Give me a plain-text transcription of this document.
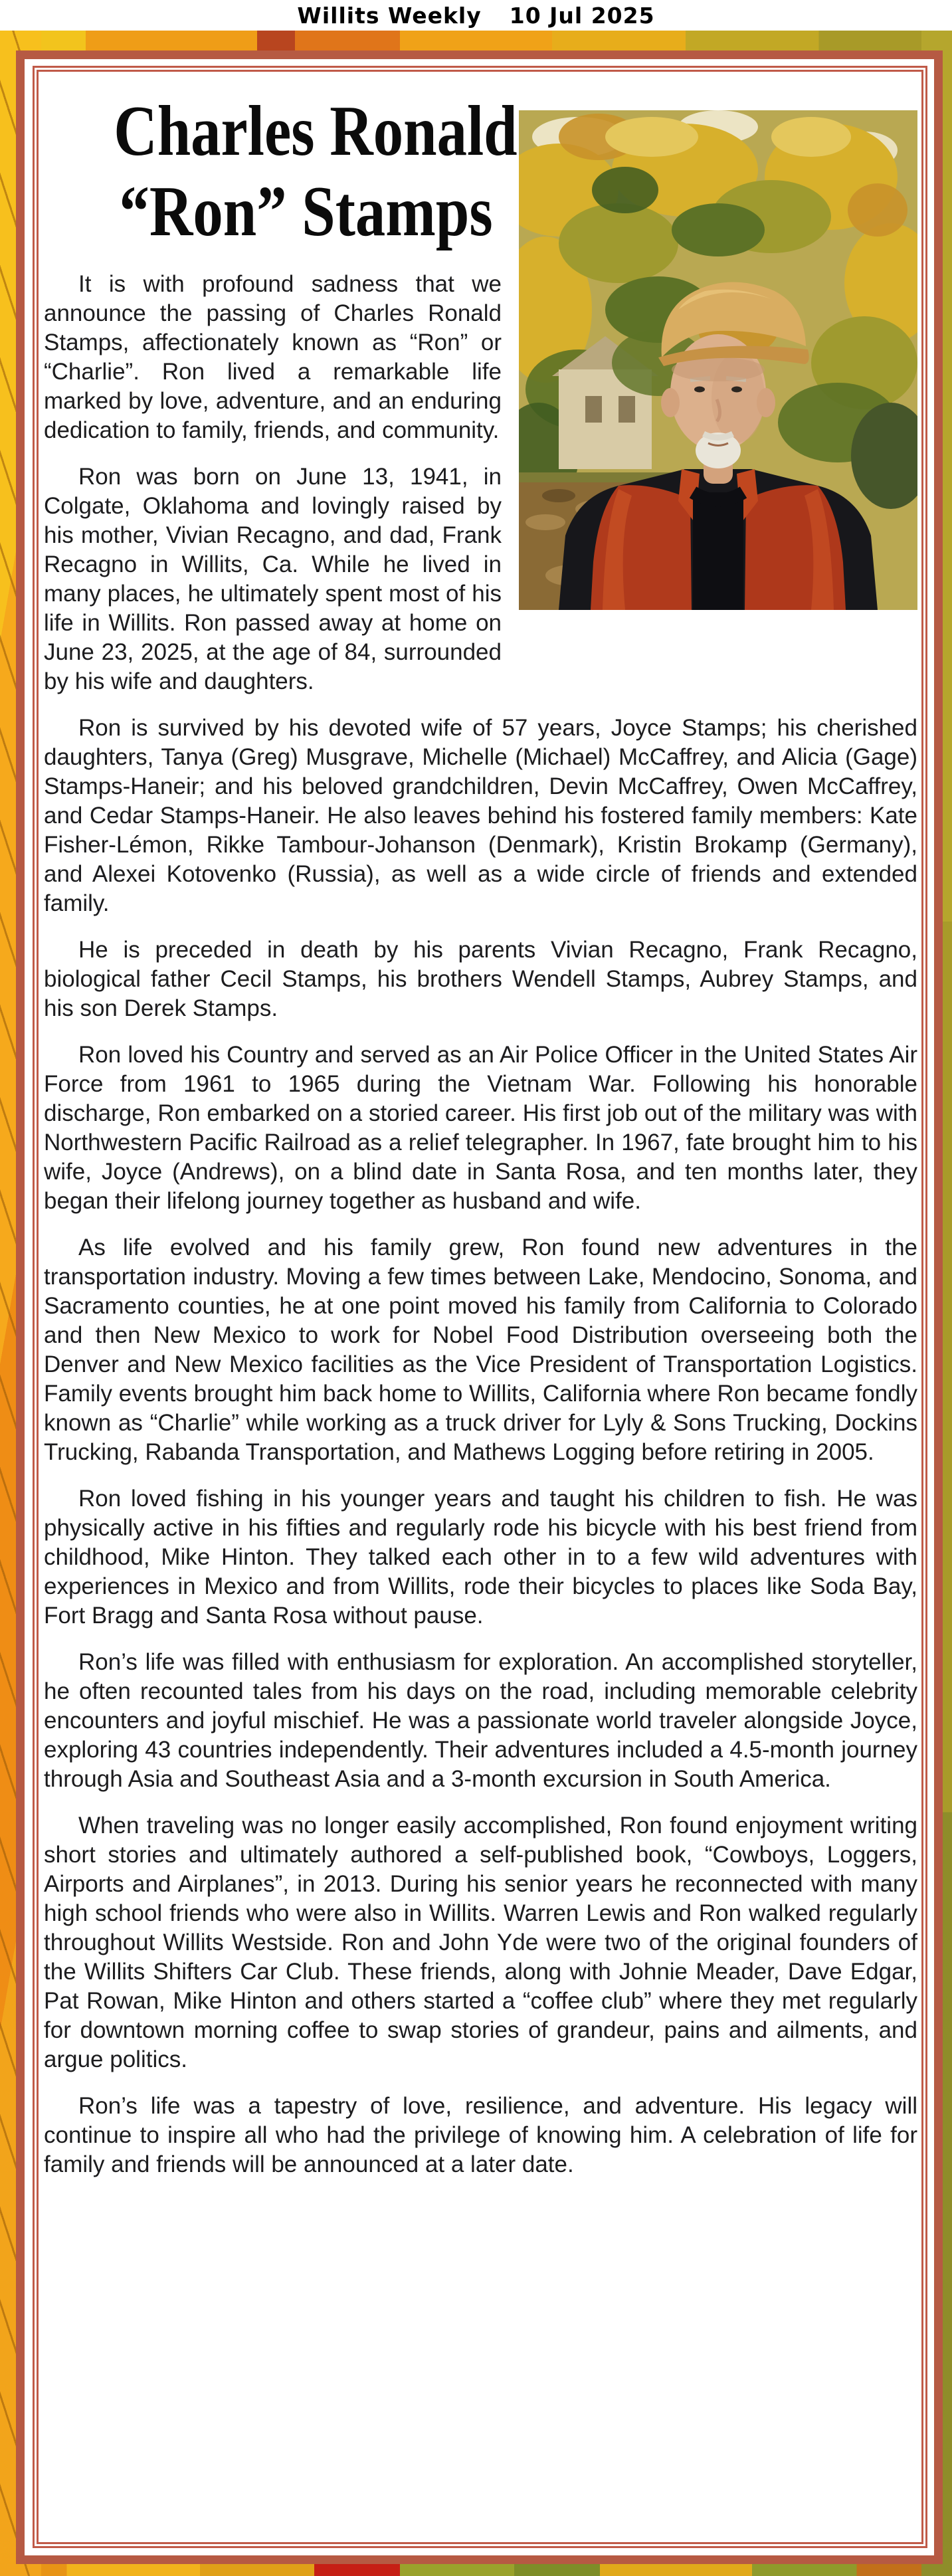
Willits Weekly 10 Jul 2025
Charles Ronald
“Ron” Stamps

It is with profound sadness that we announce the passing of Charles Ronald Stamps, affectionately known as “Ron” or “Charlie”. Ron lived a remarkable life marked by love, adventure, and an enduring dedication to family, friends, and community.

Ron was born on June 13, 1941, in Colgate, Oklahoma and lovingly raised by his mother, Vivian Recagno, and dad, Frank Recagno in Willits, Ca. While he lived in many places, he ultimately spent most of his life in Willits. Ron passed away at home on June 23, 2025, at the age of 84, surrounded by his wife and daughters.

Ron is survived by his devoted wife of 57 years, Joyce Stamps; his cherished daughters, Tanya (Greg) Musgrave, Michelle (Michael) McCaffrey, and Alicia (Gage) Stamps-Haneir; and his beloved grandchildren, Devin McCaffrey, Owen McCaffrey, and Cedar Stamps-Haneir. He also leaves behind his fostered family members: Kate Fisher-Lémon, Rikke Tambour-Johanson (Denmark), Kristin Brokamp (Germany), and Alexei Kotovenko (Russia), as well as a wide circle of friends and extended family.

He is preceded in death by his parents Vivian Recagno, Frank Recagno, biological father Cecil Stamps, his brothers Wendell Stamps, Aubrey Stamps, and his son Derek Stamps.

Ron loved his Country and served as an Air Police Officer in the United States Air Force from 1961 to 1965 during the Vietnam War. Following his honorable discharge, Ron embarked on a storied career. His first job out of the military was with Northwestern Pacific Railroad as a relief telegrapher. In 1967, fate brought him to his wife, Joyce (Andrews), on a blind date in Santa Rosa, and ten months later, they began their lifelong journey together as husband and wife.

As life evolved and his family grew, Ron found new adventures in the transportation industry. Moving a few times between Lake, Mendocino, Sonoma, and Sacramento counties, he at one point moved his family from California to Colorado and then New Mexico to work for Nobel Food Distribution overseeing both the Denver and New Mexico facilities as the Vice President of Transportation Logistics. Family events brought him back home to Willits, California where Ron became fondly known as “Charlie” while working as a truck driver for Lyly & Sons Trucking, Dockins Trucking, Rabanda Transportation, and Mathews Logging before retiring in 2005.

Ron loved fishing in his younger years and taught his children to fish. He was physically active in his fifties and regularly rode his bicycle with his best friend from childhood, Mike Hinton. They talked each other in to a few wild adventures with experiences in Mexico and from Willits, rode their bicycles to places like Soda Bay, Fort Bragg and Santa Rosa without pause.

Ron’s life was filled with enthusiasm for exploration. An accomplished storyteller, he often recounted tales from his days on the road, including memorable celebrity encounters and joyful mischief. He was a passionate world traveler alongside Joyce, exploring 43 countries independently. Their adventures included a 4.5-month journey through Asia and Southeast Asia and a 3-month excursion in South America.

When traveling was no longer easily accomplished, Ron found enjoyment writing short stories and ultimately authored a self-published book, “Cowboys, Loggers, Airports and Airplanes”, in 2013. During his senior years he reconnected with many high school friends who were also in Willits. Warren Lewis and Ron walked regularly throughout Willits Westside. Ron and John Yde were two of the original founders of the Willits Shifters Car Club. These friends, along with Johnie Meader, Dave Edgar, Pat Rowan, Mike Hinton and others started a “coffee club” where they met regularly for downtown morning coffee to swap stories of grandeur, pains and ailments, and argue politics.

Ron’s life was a tapestry of love, resilience, and adventure. His legacy will continue to inspire all who had the privilege of knowing him. A celebration of life for family and friends will be announced at a later date.
